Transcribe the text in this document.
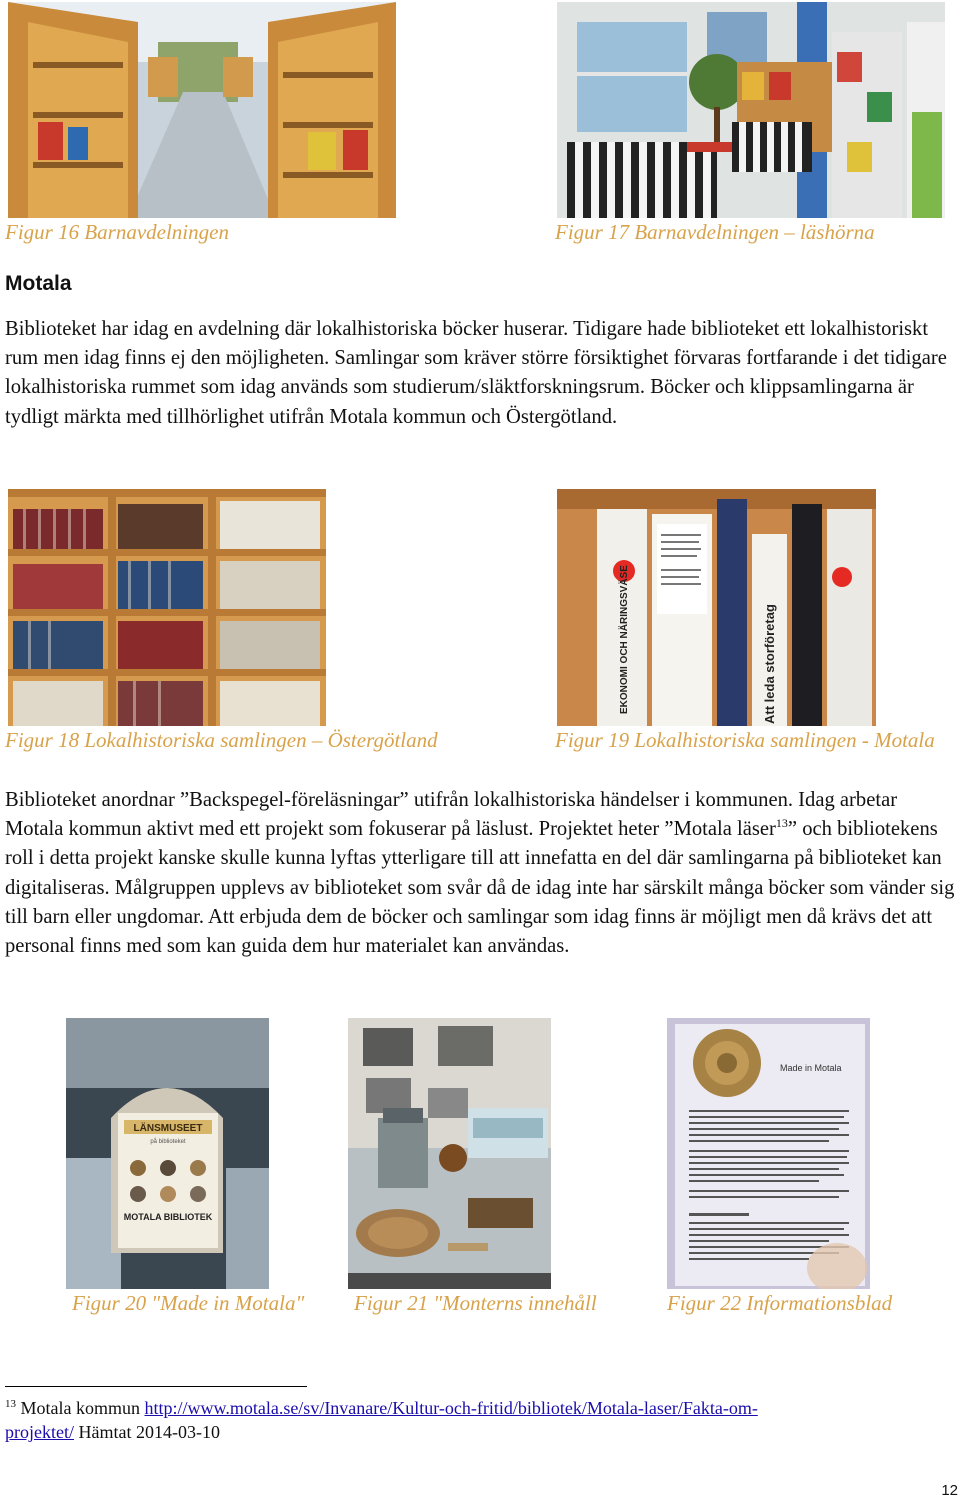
Figur 16 Barnavdelningen	Figur 17 Barnavdelningen – läshörna
Motala

Biblioteket har idag en avdelning där lokalhistoriska böcker huserar. Tidigare hade biblioteket ett lokalhistoriskt rum men idag finns ej den möjligheten. Samlingar som kräver större försiktighet förvaras fortfarande i det tidigare lokalhistoriska rummet som idag används som studierum/släktforskningsrum. Böcker och klippsamlingarna är tydligt märkta med tillhörlighet utifrån Motala kommun och Östergötland.

EKONOMI OCH NÄRINGSVÄSE	Att leda storföretag
Figur 18 Lokalhistoriska samlingen – Östergötland	Figur 19 Lokalhistoriska samlingen - Motala

Biblioteket anordnar ”Backspegel-föreläsningar” utifrån lokalhistoriska händelser i kommunen. Idag arbetar Motala kommun aktivt med ett projekt som fokuserar på läslust. Projektet heter ”Motala läser$^{13}$” och bibliotekens roll i detta projekt kanske skulle kunna lyftas ytterligare till att innefatta en del där samlingarna på biblioteket kan digitaliseras. Målgruppen upplevs av biblioteket som svår då de idag inte har särskilt många böcker som vänder sig till barn eller ungdomar. Att erbjuda dem de böcker och samlingar som idag finns är möjligt men då krävs det att personal finns med som kan guida dem hur materialet kan användas.

LÄNSMUSEET
på biblioteket
MOTALA BIBLIOTEK
Made in Motala
Figur 20 "Made in Motala" Figur 21 "Monterns innehåll	Figur 22 Informationsblad
$^{13}$ Motala kommun http://www.motala.se/sv/Invanare/Kultur-och-fritid/bibliotek/Motala-laser/Fakta-om-
projektet/ Hämtat 2014-03-10
12
